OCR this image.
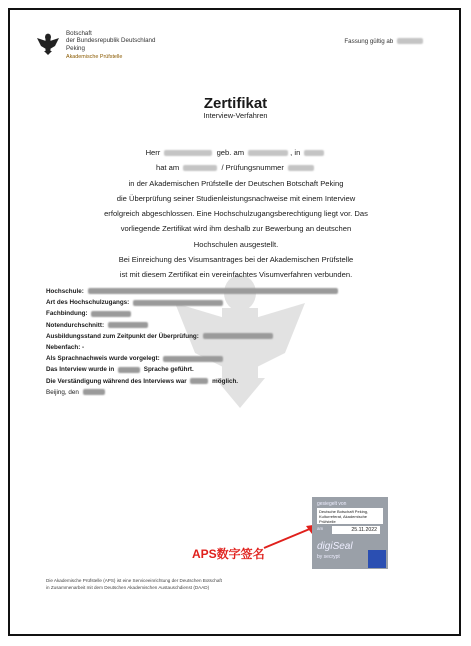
Botschaft
der Bundesrepublik Deutschland
Peking
Akademische Prüfstelle
Fassung gültig ab
Zertifikat
Interview-Verfahren
Herr	geb. am	, in
hat am	/ Prüfungsnummer
in der Akademischen Prüfstelle der Deutschen Botschaft Peking
die Überprüfung seiner Studienleistungsnachweise mit einem Interview
erfolgreich abgeschlossen. Eine Hochschulzugangsberechtigung liegt vor. Das
vorliegende Zertifikat wird ihm deshalb zur Bewerbung an deutschen
Hochschulen ausgestellt.
Bei Einreichung des Visumsantrages bei der Akademischen Prüfstelle
ist mit diesem Zertifikat ein vereinfachtes Visumverfahren verbunden.
Hochschule:
Art des Hochschulzugangs:
Fachbindung:
Notendurchschnitt:
Ausbildungsstand zum Zeitpunkt der Überprüfung:
Nebenfach: -
Als Sprachnachweis wurde vorgelegt:
Das Interview wurde in	Sprache geführt.
Die Verständigung während des Interviews war	möglich.
Beijing, den
APS数字签名
gesiegelt von
Deutsche Botschaft Peking,
Kulturreferat, Akademische Prüfstelle
am	25.11.2022
digiSeal
by secrypt
Die Akademische Prüfstelle (APS) ist eine Serviceeinrichtung der Deutschen Botschaft
in Zusammenarbeit mit dem Deutschen Akademischen Austauschdienst (DAAD)
